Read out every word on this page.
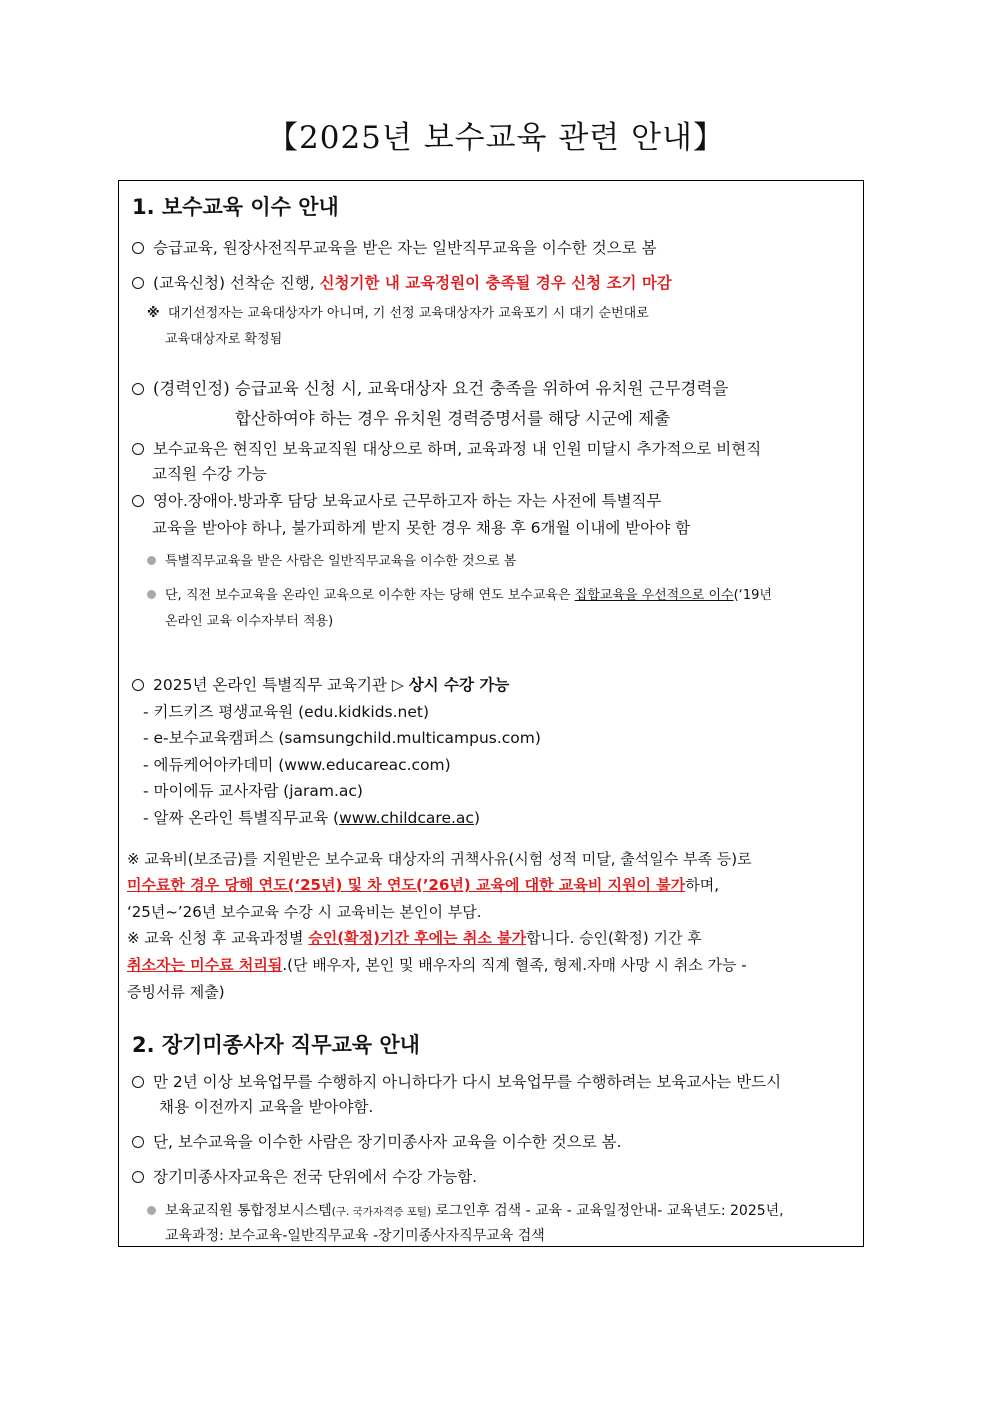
【2025년 보수교육 관련 안내】
1. 보수교육 이수 안내
승급교육, 원장사전직무교육을 받은 자는 일반직무교육을 이수한 것으로 봄
(교육신청) 선착순 진행, 신청기한 내 교육정원이 충족될 경우 신청 조기 마감
※ 대기선정자는 교육대상자가 아니며, 기 선정 교육대상자가 교육포기 시 대기 순번대로
교육대상자로 확정됨
(경력인정) 승급교육 신청 시, 교육대상자 요건 충족을 위하여 유치원 근무경력을
합산하여야 하는 경우 유치원 경력증명서를 해당 시군에 제출
보수교육은 현직인 보육교직원 대상으로 하며, 교육과정 내 인원 미달시 추가적으로 비현직
교직원 수강 가능
영아.장애아.방과후 담당 보육교사로 근무하고자 하는 자는 사전에 특별직무
교육을 받아야 하나, 불가피하게 받지 못한 경우 채용 후 6개월 이내에 받아야 함
특별직무교육을 받은 사람은 일반직무교육을 이수한 것으로 봄
단, 직전 보수교육을 온라인 교육으로 이수한 자는 당해 연도 보수교육은 집합교육을 우선적으로 이수(‘19년
온라인 교육 이수자부터 적용)
2025년 온라인 특별직무 교육기관 ▷ 상시 수강 가능
- 키드키즈 평생교육원 (edu.kidkids.net)
- e-보수교육캠퍼스 (samsungchild.multicampus.com)
- 에듀케어아카데미 (www.educareac.com)
- 마이에듀 교사자람 (jaram.ac)
- 알짜 온라인 특별직무교육 (www.childcare.ac)
※ 교육비(보조금)를 지원받은 보수교육 대상자의 귀책사유(시험 성적 미달, 출석일수 부족 등)로
미수료한 경우 당해 연도(‘25년) 및 차 연도(’26년) 교육에 대한 교육비 지원이 불가하며,
‘25년~’26년 보수교육 수강 시 교육비는 본인이 부담.
※ 교육 신청 후 교육과정별 승인(확정)기간 후에는 취소 불가합니다. 승인(확정) 기간 후
취소자는 미수료 처리됨.(단 배우자, 본인 및 배우자의 직계 혈족, 형제.자매 사망 시 취소 가능 -
증빙서류 제출)
2. 장기미종사자 직무교육 안내
만 2년 이상 보육업무를 수행하지 아니하다가 다시 보육업무를 수행하려는 보육교사는 반드시
채용 이전까지 교육을 받아야함.
단, 보수교육을 이수한 사람은 장기미종사자 교육을 이수한 것으로 봄.
장기미종사자교육은 전국 단위에서 수강 가능함.
보육교직원 통합정보시스템(구. 국가자격증 포털) 로그인후 검색 - 교육 - 교육일정안내- 교육년도: 2025년,
교육과정: 보수교육-일반직무교육 -장기미종사자직무교육 검색
